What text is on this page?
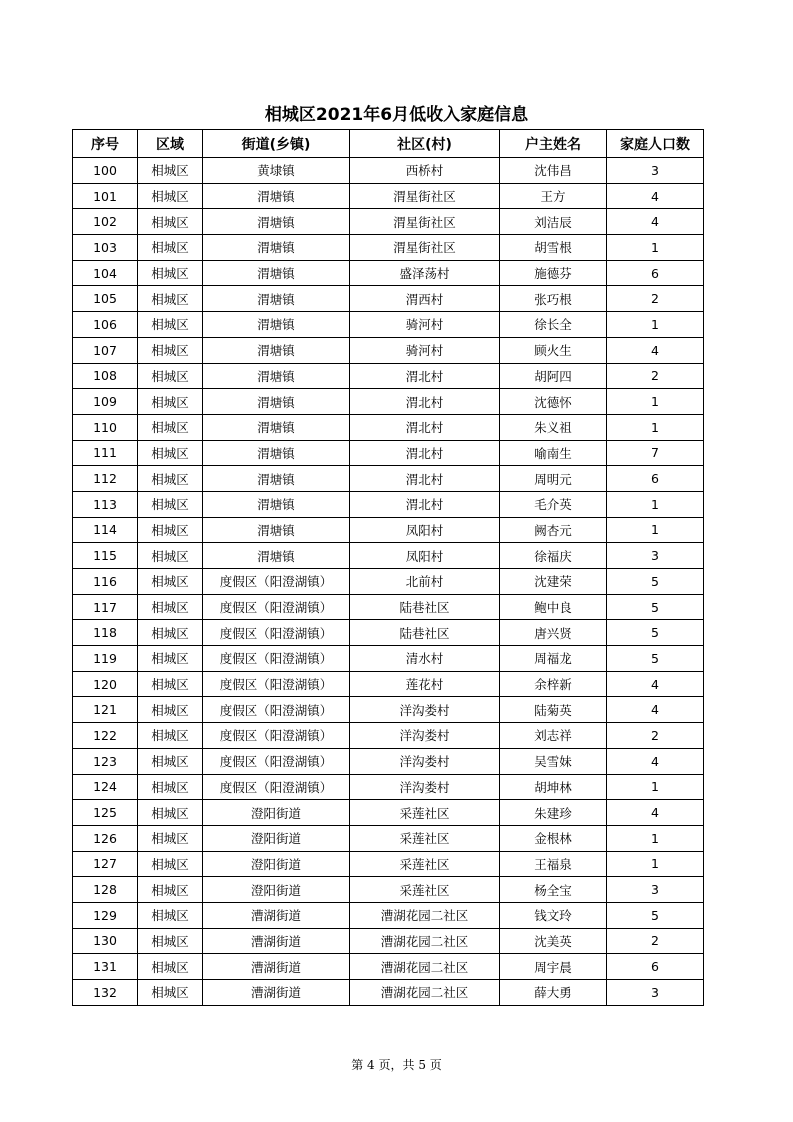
相城区2021年6月低收入家庭信息
序号	区域	街道(乡镇)	社区(村)	户主姓名	家庭人口数
100	相城区	黄埭镇	西桥村	沈伟昌	3
101	相城区	渭塘镇	渭星街社区	王方	4
102	相城区	渭塘镇	渭星街社区	刘洁辰	4
103	相城区	渭塘镇	渭星街社区	胡雪根	1
104	相城区	渭塘镇	盛泽荡村	施德芬	6
105	相城区	渭塘镇	渭西村	张巧根	2
106	相城区	渭塘镇	骑河村	徐长全	1
107	相城区	渭塘镇	骑河村	顾火生	4
108	相城区	渭塘镇	渭北村	胡阿四	2
109	相城区	渭塘镇	渭北村	沈德怀	1
110	相城区	渭塘镇	渭北村	朱义祖	1
111	相城区	渭塘镇	渭北村	喻南生	7
112	相城区	渭塘镇	渭北村	周明元	6
113	相城区	渭塘镇	渭北村	毛介英	1
114	相城区	渭塘镇	凤阳村	阙杏元	1
115	相城区	渭塘镇	凤阳村	徐福庆	3
116	相城区	度假区（阳澄湖镇）	北前村	沈建荣	5
117	相城区	度假区（阳澄湖镇）	陆巷社区	鲍中良	5
118	相城区	度假区（阳澄湖镇）	陆巷社区	唐兴贤	5
119	相城区	度假区（阳澄湖镇）	清水村	周福龙	5
120	相城区	度假区（阳澄湖镇）	莲花村	余梓新	4
121	相城区	度假区（阳澄湖镇）	洋沟娄村	陆菊英	4
122	相城区	度假区（阳澄湖镇）	洋沟娄村	刘志祥	2
123	相城区	度假区（阳澄湖镇）	洋沟娄村	吴雪妹	4
124	相城区	度假区（阳澄湖镇）	洋沟娄村	胡坤林	1
125	相城区	澄阳街道	采莲社区	朱建珍	4
126	相城区	澄阳街道	采莲社区	金根林	1
127	相城区	澄阳街道	采莲社区	王福泉	1
128	相城区	澄阳街道	采莲社区	杨全宝	3
129	相城区	漕湖街道	漕湖花园二社区	钱文玲	5
130	相城区	漕湖街道	漕湖花园二社区	沈美英	2
131	相城区	漕湖街道	漕湖花园二社区	周宇晨	6
132	相城区	漕湖街道	漕湖花园二社区	薛大勇	3
第 4 页，共 5 页
